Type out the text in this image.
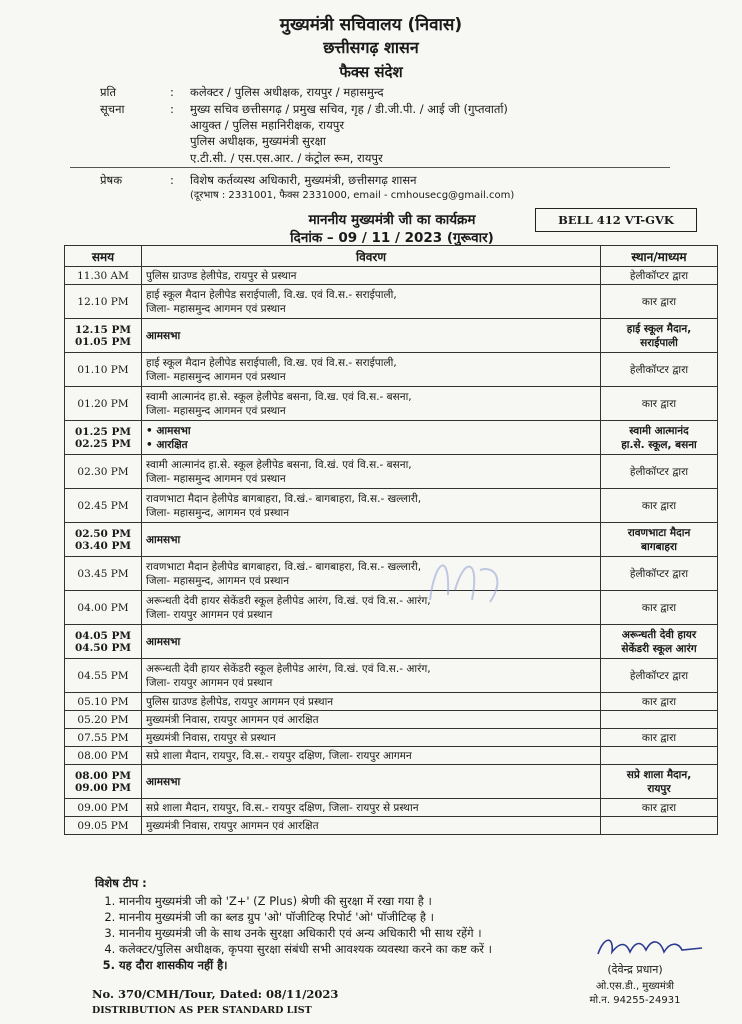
मुख्यमंत्री सचिवालय (निवास)
छत्तीसगढ़ शासन
फैक्स संदेश
प्रति	: कलेक्टर / पुलिस अधीक्षक, रायपुर / महासमुन्द
सूचना	: मुख्य सचिव छत्तीसगढ़ / प्रमुख सचिव, गृह / डी.जी.पी. / आई जी (गुप्तवार्ता)
आयुक्त / पुलिस महानिरीक्षक, रायपुर
पुलिस अधीक्षक, मुख्यमंत्री सुरक्षा
ए.टी.सी. / एस.एस.आर. / कंट्रोल रूम, रायपुर
प्रेषक	: विशेष कर्तव्यस्थ अधिकारी, मुख्यमंत्री, छत्तीसगढ़ शासन
(दूरभाष : 2331001, फैक्स 2331000, email - cmhousecg@gmail.com)
माननीय मुख्यमंत्री जी का कार्यक्रम
दिनांक – 09 / 11 / 2023 (गुरूवार)
BELL 412 VT-GVK
समय	विवरण	स्थान/माध्यम

11.30 AM	पुलिस ग्राउण्ड हेलीपेड, रायपुर से प्रस्थान	हेलीकॉप्टर द्वारा

12.10 PM	हाई स्कूल मैदान हेलीपेड सराईपाली, वि.ख. एवं वि.स.- सराईपाली,
जिला- महासमुन्द आगमन एवं प्रस्थान	कार द्वारा

12.15 PM
01.05 PM	आमसभा	हाई स्कूल मैदान,
सराईपाली

01.10 PM	हाई स्कूल मैदान हेलीपेड सराईपाली, वि.ख. एवं वि.स.- सराईपाली,
जिला- महासमुन्द आगमन एवं प्रस्थान	हेलीकॉप्टर द्वारा

01.20 PM	स्वामी आत्मानंद हा.से. स्कूल हेलीपेड बसना, वि.ख. एवं वि.स.- बसना,
जिला- महासमुन्द आगमन एवं प्रस्थान	कार द्वारा

01.25 PM
02.25 PM	• आमसभा
• आरक्षित	स्वामी आत्मानंद
हा.से. स्कूल, बसना

02.30 PM	स्वामी आत्मानंद हा.से. स्कूल हेलीपेड बसना, वि.खं. एवं वि.स.- बसना,
जिला- महासमुन्द आगमन एवं प्रस्थान	हेलीकॉप्टर द्वारा

02.45 PM	रावणभाटा मैदान हेलीपेड बागबाहरा, वि.खं.- बागबाहरा, वि.स.- खल्लारी,
जिला- महासमुन्द, आगमन एवं प्रस्थान	कार द्वारा

02.50 PM
03.40 PM	आमसभा	रावणभाटा मैदान
बागबाहरा

03.45 PM	रावणभाटा मैदान हेलीपेड बागबाहरा, वि.खं.- बागबाहरा, वि.स.- खल्लारी,
जिला- महासमुन्द, आगमन एवं प्रस्थान	हेलीकॉप्टर द्वारा

04.00 PM	अरून्धती देवी हायर सेकेंडरी स्कूल हेलीपेड आरंग, वि.खं. एवं वि.स.- आरंग,
जिला- रायपुर आगमन एवं प्रस्थान	कार द्वारा

04.05 PM
04.50 PM	आमसभा	अरून्धती देवी हायर
सेकेंडरी स्कूल आरंग

04.55 PM	अरून्धती देवी हायर सेकेंडरी स्कूल हेलीपेड आरंग, वि.खं. एवं वि.स.- आरंग,
जिला- रायपुर आगमन एवं प्रस्थान	हेलीकॉप्टर द्वारा

05.10 PM	पुलिस ग्राउण्ड हेलीपेड, रायपुर आगमन एवं प्रस्थान	कार द्वारा

05.20 PM	मुख्यमंत्री निवास, रायपुर आगमन एवं आरक्षित	

07.55 PM	मुख्यमंत्री निवास, रायपुर से प्रस्थान	कार द्वारा

08.00 PM	सप्रे शाला मैदान, रायपुर, वि.स.- रायपुर दक्षिण, जिला- रायपुर आगमन	

08.00 PM
09.00 PM	आमसभा	सप्रे शाला मैदान,
रायपुर

09.00 PM	सप्रे शाला मैदान, रायपुर, वि.स.- रायपुर दक्षिण, जिला- रायपुर से प्रस्थान	कार द्वारा

09.05 PM	मुख्यमंत्री निवास, रायपुर आगमन एवं आरक्षित	

विशेष टीप :
1. माननीय मुख्यमंत्री जी को 'Z+' (Z Plus) श्रेणी की सुरक्षा में रखा गया है ।
2. माननीय मुख्यमंत्री जी का ब्लड ग्रुप 'ओ' पॉजीटिव्ह रिपोर्ट 'ओ' पॉजीटिव्ह है ।
3. माननीय मुख्यमंत्री जी के साथ उनके सुरक्षा अधिकारी एवं अन्य अधिकारी भी साथ रहेंगे ।
4. कलेक्टर/पुलिस अधीक्षक, कृपया सुरक्षा संबंधी सभी आवश्यक व्यवस्था करने का कष्ट करें ।
5. यह दौरा शासकीय नहीं है।	(देवेन्द्र प्रधान)
ओ.एस.डी., मुख्यमंत्री
मो.न. 94255-24931
No. 370/CMH/Tour, Dated: 08/11/2023
DISTRIBUTION AS PER STANDARD LIST
